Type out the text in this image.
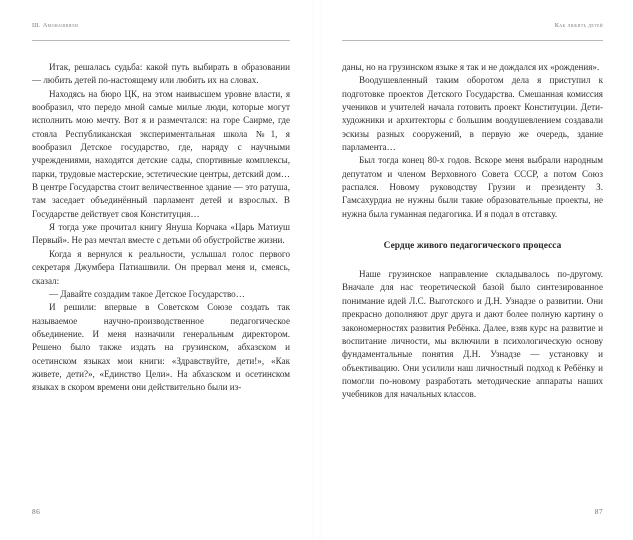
Ш. Амонашвили

Итак, решалась судьба: какой путь выбирать в образовании — любить детей по-настоящему или любить их на словах.

Находясь на бюро ЦК, на этом наивысшем уровне власти, я вообразил, что передо мной самые милые люди, которые могут исполнить мою мечту. Вот я и размечтался: на горе Саирме, где стояла Республиканская экспериментальная школа №1, я вообразил Детское государство, где, наряду с научными учреждениями, находятся детские сады, спортивные комплексы, парки, трудовые мастерские, эстетические центры, детский дом… В центре Государства стоит величественное здание — это ратуша, там заседает объединённый парламент детей и взрослых. В Государстве действует своя Конституция…

Я тогда уже прочитал книгу Януша Корчака «Царь Матиуш Первый». Не раз мечтал вместе с детьми об обустройстве жизни.

Когда я вернулся к реальности, услышал голос первого секретаря Джумбера Патиашвили. Он прервал меня и, смеясь, сказал:

— Давайте создадим такое Детское Государство…

И решили: впервые в Советском Союзе создать так называемое научно-производственное педагогическое объединение. И меня назначили генеральным директором. Решено было также издать на грузинском, абхазском и осетинском языках мои книги: «Здравствуйте, дети!», «Как живете, дети?», «Единство Цели». На абхазском и осетинском языках в скором времени они действительно были из-

86
Как любить детей

даны, но на грузинском языке я так и не дождался их «рождения».

Воодушевленный таким оборотом дела я приступил к подготовке проектов Детского Государства. Смешанная комиссия учеников и учителей начала готовить проект Конституции. Дети-художники и архитекторы с большим воодушевлением создавали эскизы разных сооружений, в первую же очередь, здание парламента…

Был тогда конец 80-х годов. Вскоре меня выбрали народным депутатом и членом Верховного Совета СССР, а потом Союз распался. Новому руководству Грузии и президенту З. Гамсахурдиа не нужны были такие образовательные проекты, не нужна была гуманная педагогика. И я подал в отставку.

Сердце живого педагогического процесса

Наше грузинское направление складывалось по-другому. Вначале для нас теоретической базой было синтезированное понимание идей Л.С. Выготского и Д.Н. Узнадзе о развитии. Они прекрасно дополняют друг друга и дают более полную картину о закономерностях развития Ребёнка. Далее, взяв курс на развитие и воспитание личности, мы включили в психологическую основу фундаментальные понятия Д.Н. Узнадзе — установку и объективацию. Они усилили наш личностный подход к Ребёнку и помогли по-новому разработать методические аппараты наших учебников для начальных классов.

87
